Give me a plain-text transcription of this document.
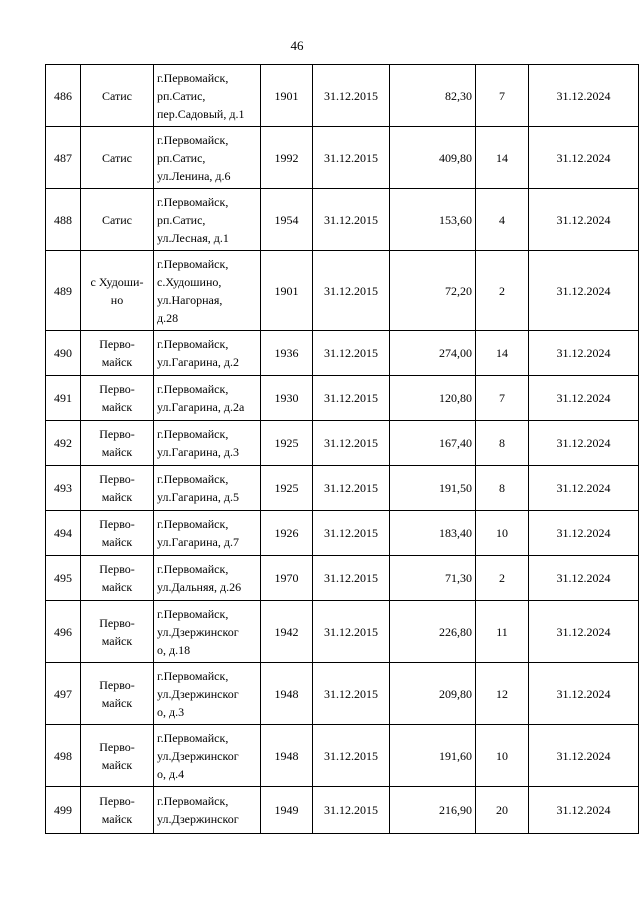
46
486	Сатис	г.Первомайск,
рп.Сатис,
пер.Садовый, д.1	1901	31.12.2015	82,30	7	31.12.2024
487	Сатис	г.Первомайск,
рп.Сатис,
ул.Ленина, д.6	1992	31.12.2015	409,80	14	31.12.2024
488	Сатис	г.Первомайск,
рп.Сатис,
ул.Лесная, д.1	1954	31.12.2015	153,60	4	31.12.2024
489	с Худоши-
но	г.Первомайск,
с.Худошино,
ул.Нагорная,
д.28	1901	31.12.2015	72,20	2	31.12.2024
490	Перво-
майск	г.Первомайск,
ул.Гагарина, д.2	1936	31.12.2015	274,00	14	31.12.2024
491	Перво-
майск	г.Первомайск,
ул.Гагарина, д.2а	1930	31.12.2015	120,80	7	31.12.2024
492	Перво-
майск	г.Первомайск,
ул.Гагарина, д.3	1925	31.12.2015	167,40	8	31.12.2024
493	Перво-
майск	г.Первомайск,
ул.Гагарина, д.5	1925	31.12.2015	191,50	8	31.12.2024
494	Перво-
майск	г.Первомайск,
ул.Гагарина, д.7	1926	31.12.2015	183,40	10	31.12.2024
495	Перво-
майск	г.Первомайск,
ул.Дальняя, д.26	1970	31.12.2015	71,30	2	31.12.2024
496	Перво-
майск	г.Первомайск,
ул.Дзержинског
о, д.18	1942	31.12.2015	226,80	11	31.12.2024
497	Перво-
майск	г.Первомайск,
ул.Дзержинског
о, д.3	1948	31.12.2015	209,80	12	31.12.2024
498	Перво-
майск	г.Первомайск,
ул.Дзержинског
о, д.4	1948	31.12.2015	191,60	10	31.12.2024
499	Перво-
майск	г.Первомайск,
ул.Дзержинског	1949	31.12.2015	216,90	20	31.12.2024
